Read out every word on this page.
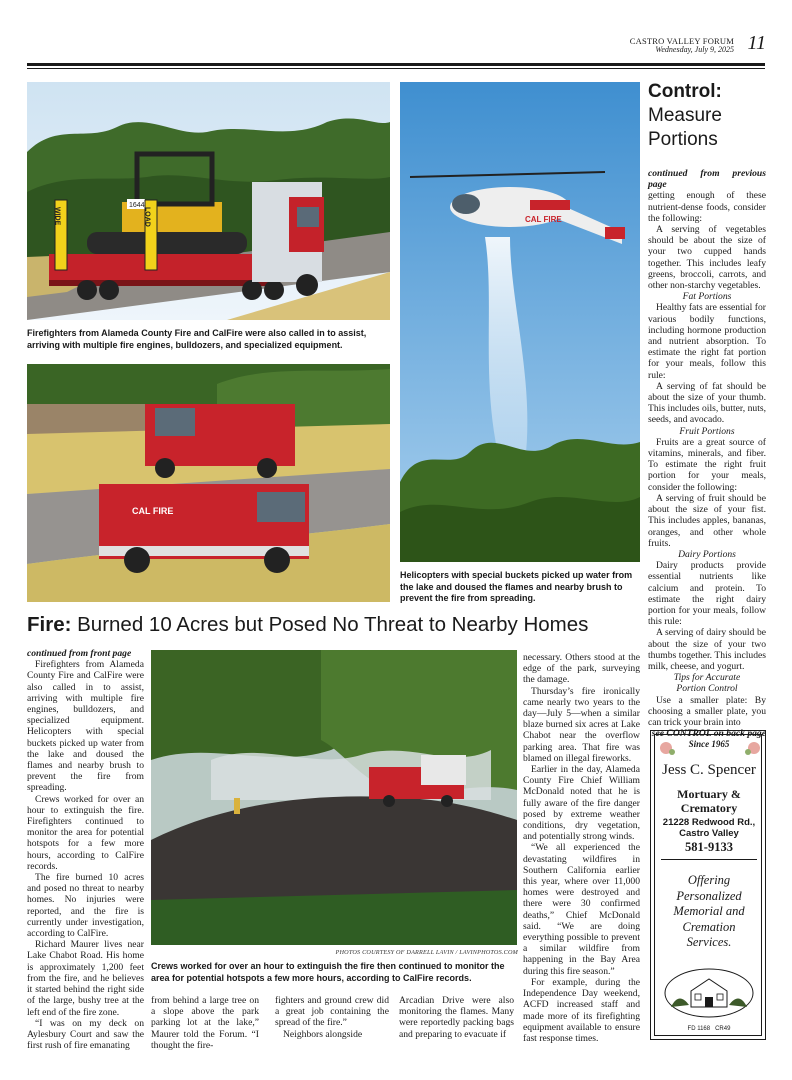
CASTRO VALLEY FORUM
Wednesday, July 9, 2025 11
1644
WIDE	LOAD
Firefighters from Alameda County Fire and CalFire were also called in to assist, arriving with multiple fire engines, bulldozers, and specialized equipment.
CAL FIRE
CAL FIRE
Helicopters with special buckets picked up water from the lake and doused the flames and nearby brush to prevent the fire from spreading.
Fire: Burned 10 Acres but Posed No Threat to Nearby Homes

continued from front page

Firefighters from Alameda County Fire and CalFire were also called in to assist, arriving with multiple fire engines, bulldozers, and specialized equipment. Helicopters with special buckets picked up water from the lake and doused the flames and nearby brush to prevent the fire from spreading.

Crews worked for over an hour to extinguish the fire. Firefighters continued to monitor the area for potential hotspots for a few more hours, according to CalFire records.

The fire burned 10 acres and posed no threat to nearby homes. No injuries were reported, and the fire is currently under investigation, according to CalFire.

Richard Maurer lives near Lake Chabot Road. His home is approximately 1,200 feet from the fire, and he believes it started behind the right side of the large, bushy tree at the left end of the fire zone.

“I was on my deck on Aylesbury Court and saw the first rush of fire emanating

PHOTOS COURTESY OF DARRELL LAVIN / LAVINPHOTOS.COM
Crews worked for over an hour to extinguish the fire then continued to monitor the area for potential hotspots a few more hours, according to CalFire records.

from behind a large tree on a slope above the park parking lot at the lake,” Maurer told the Forum. “I thought the fire-

fighters and ground crew did a great job containing the spread of the fire.”

Neighbors alongside

Arcadian Drive were also monitoring the flames. Many were reportedly packing bags and preparing to evacuate if

necessary. Others stood at the edge of the park, surveying the damage.

Thursday’s fire ironically came nearly two years to the day—July 5—when a similar blaze burned six acres at Lake Chabot near the overflow parking area. That fire was blamed on illegal fireworks.

Earlier in the day, Alameda County Fire Chief William McDonald noted that he is fully aware of the fire danger posed by extreme weather conditions, dry vegetation, and potentially strong winds.

“We all experienced the devastating wildfires in Southern California earlier this year, where over 11,000 homes were destroyed and there were 30 confirmed deaths,” Chief McDonald said. “We are doing everything possible to prevent a similar wildfire from happening in the Bay Area during this fire season.”

For example, during the Independence Day weekend, ACFD increased staff and made more of its firefighting equipment available to ensure fast response times.

Control:
Measure
Portions

continued from previous page

getting enough of these nutrient-dense foods, consider the following:

A serving of vegetables should be about the size of your two cupped hands together. This includes leafy greens, broccoli, carrots, and other non-starchy vegetables.

Fat Portions

Healthy fats are essential for various bodily functions, including hormone production and nutrient absorption. To estimate the right fat portion for your meals, follow this rule:

A serving of fat should be about the size of your thumb. This includes oils, butter, nuts, seeds, and avocado.

Fruit Portions

Fruits are a great source of vitamins, minerals, and fiber. To estimate the right fruit portion for your meals, consider the following:

A serving of fruit should be about the size of your fist. This includes apples, bananas, oranges, and other whole fruits.

Dairy Portions

Dairy products provide essential nutrients like calcium and protein. To estimate the right dairy portion for your meals, follow this rule:

A serving of dairy should be about the size of your two thumbs together. This includes milk, cheese, and yogurt.

Tips for Accurate

Portion Control

Use a smaller plate: By choosing a smaller plate, you can trick your brain into

see CONTROL on back page

Since 1965
Jess C. Spencer
Mortuary &
Crematory
21228 Redwood Rd.,
Castro Valley
581-9133
Offering
Personalized
Memorial and
Cremation
Services.
FD 1168   CR49
